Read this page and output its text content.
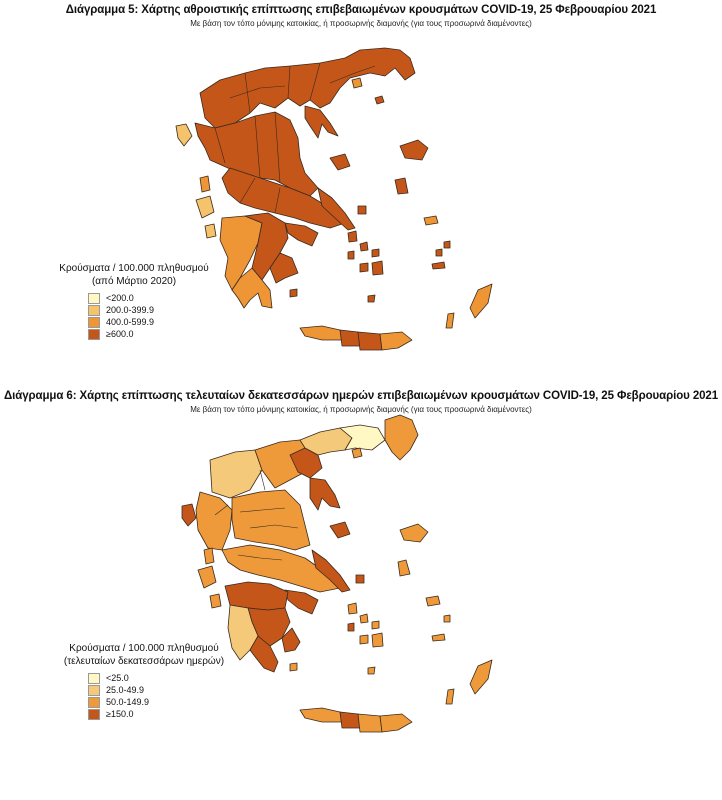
Διάγραμμα 5: Χάρτης αθροιστικής επίπτωσης επιβεβαιωμένων κρουσμάτων COVID-19, 25 Φεβρουαρίου 2021
Με βάση τον τόπο μόνιμης κατοικίας, ή προσωρινής διαμονής (για τους προσωρινά διαμένοντες)
Κρούσματα / 100.000 πληθυσμού
(από Μάρτιο 2020)
<200.0
200.0-399.9
400.0-599.9
≥600.0
Διάγραμμα 6: Χάρτης επίπτωσης τελευταίων δεκατεσσάρων ημερών επιβεβαιωμένων κρουσμάτων COVID-19, 25 Φεβρουαρίου 2021
Με βάση τον τόπο μόνιμης κατοικίας, ή προσωρινής διαμονής (για τους προσωρινά διαμένοντες)
Κρούσματα / 100.000 πληθυσμού
(τελευταίων δεκατεσσάρων ημερών)
<25.0
25.0-49.9
50.0-149.9
≥150.0
